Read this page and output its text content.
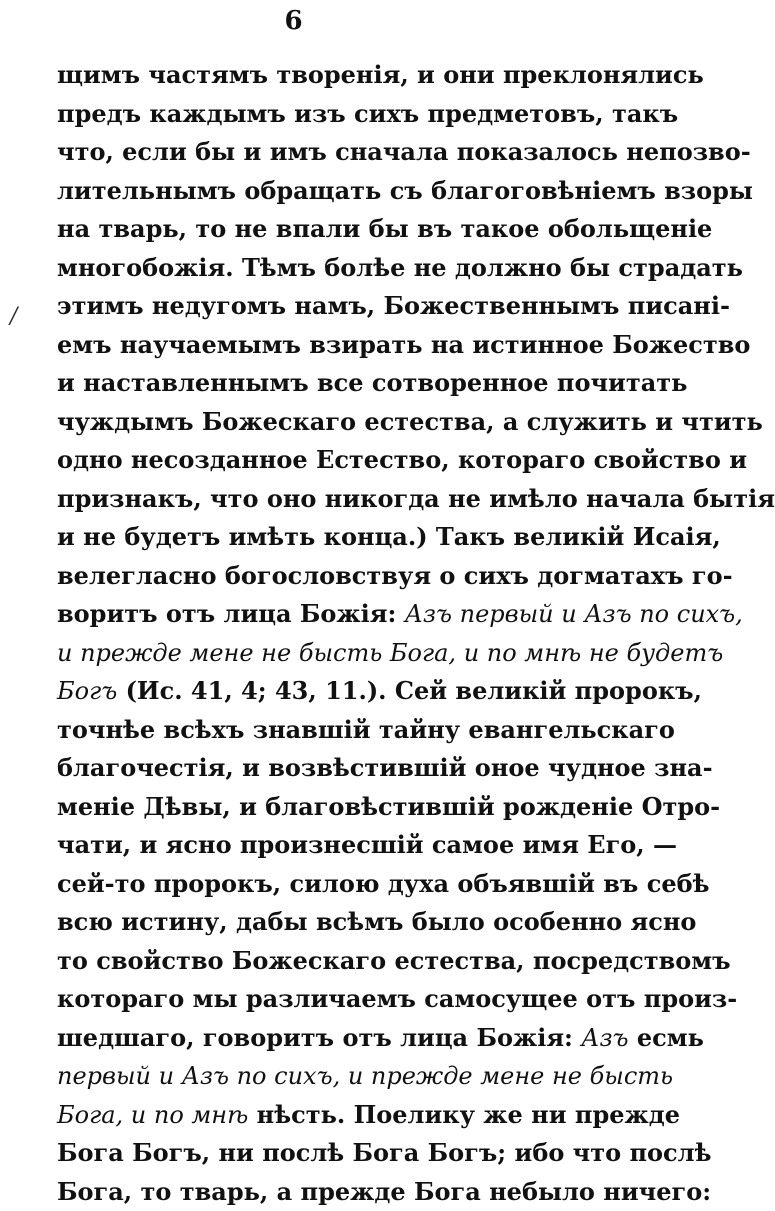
6
/
щимъ частямъ творенія, и они преклонялись
предъ каждымъ изъ сихъ предметовъ, такъ
что, если бы и имъ сначала показалось непозво-
лительнымъ обращать съ благоговѣніемъ взоры
на тварь, то не впали бы въ такое обольщеніе
многобожія. Тѣмъ болѣе не должно бы страдать
этимъ недугомъ намъ, Божественнымъ писані-
емъ научаемымъ взирать на истинное Божество
и наставленнымъ все сотворенное почитать
чуждымъ Божескаго естества, а служить и чтить
одно несозданное Естество, котораго свойство и
признакъ, что оно никогда не имѣло начала бытія
и не будетъ имѣть конца.) Такъ великій Исаія,
велегласно богословствуя о сихъ догматахъ го-
воритъ отъ лица Божія: Азъ первый и Азъ по сихъ,
и прежде мене не бысть Бога, и по мнѣ не будетъ
Богъ (Ис. 41, 4; 43, 11.). Сей великій пророкъ,
точнѣе всѣхъ знавшій тайну евангельскаго
благочестія, и возвѣстившій оное чудное зна-
меніе Дѣвы, и благовѣстившій рожденіе Отро-
чати, и ясно произнесшій самое имя Его, —
сей-то пророкъ, силою духа объявшій въ себѣ
всю истину, дабы всѣмъ было особенно ясно
то свойство Божескаго естества, посредствомъ
котораго мы различаемъ самосущее отъ произ-
шедшаго, говоритъ отъ лица Божія: Азъ есмь
первый и Азъ по сихъ, и прежде мене не бысть
Бога, и по мнѣ нѣсть. Поелику же ни прежде
Бога Богъ, ни послѣ Бога Богъ; ибо что послѣ
Бога, то тварь, а прежде Бога небыло ничего:
